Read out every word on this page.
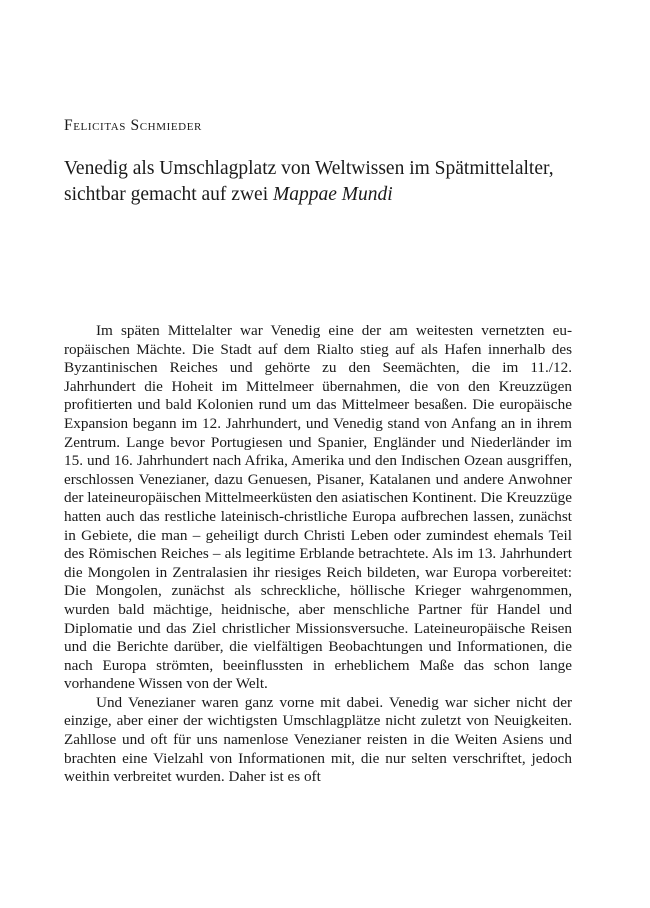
Felicitas Schmieder

Venedig als Umschlagplatz von Weltwissen im Spätmittelalter, sichtbar gemacht auf zwei Mappae Mundi

Im späten Mittelalter war Venedig eine der am weitesten vernetzten europäischen Mächte. Die Stadt auf dem Rialto stieg auf als Hafen innerhalb des Byzantinischen Reiches und gehörte zu den Seemächten, die im 11./12. Jahrhundert die Hoheit im Mittelmeer übernahmen, die von den Kreuzzügen profitierten und bald Kolonien rund um das Mittelmeer besaßen. Die europäische Expansion begann im 12. Jahrhundert, und Venedig stand von Anfang an in ihrem Zentrum. Lange bevor Portugiesen und Spanier, Engländer und Niederländer im 15. und 16. Jahrhundert nach Afrika, Amerika und den Indischen Ozean ausgriffen, erschlossen Venezianer, dazu Genuesen, Pisaner, Katalanen und andere Anwohner der lateineuropäischen Mittelmeerküsten den asiatischen Kontinent. Die Kreuzzüge hatten auch das restliche lateinisch-christliche Europa aufbrechen lassen, zunächst in Gebiete, die man – geheiligt durch Christi Leben oder zumindest ehemals Teil des Römischen Reiches – als legitime Erblande betrachtete. Als im 13. Jahrhundert die Mongolen in Zentralasien ihr riesiges Reich bildeten, war Europa vorbereitet: Die Mongolen, zunächst als schreckliche, höllische Krieger wahrgenommen, wurden bald mächtige, heidnische, aber menschliche Partner für Handel und Diplomatie und das Ziel christlicher Missionsversuche. Lateineuropäische Reisen und die Berichte darüber, die vielfältigen Beobachtungen und Informationen, die nach Europa strömten, beeinflussten in erheblichem Maße das schon lange vorhandene Wissen von der Welt.

Und Venezianer waren ganz vorne mit dabei. Venedig war sicher nicht der einzige, aber einer der wichtigsten Umschlagplätze nicht zuletzt von Neuigkeiten. Zahllose und oft für uns namenlose Venezianer reisten in die Weiten Asiens und brachten eine Vielzahl von Informationen mit, die nur selten verschriftet, jedoch weithin verbreitet wurden. Daher ist es oft
